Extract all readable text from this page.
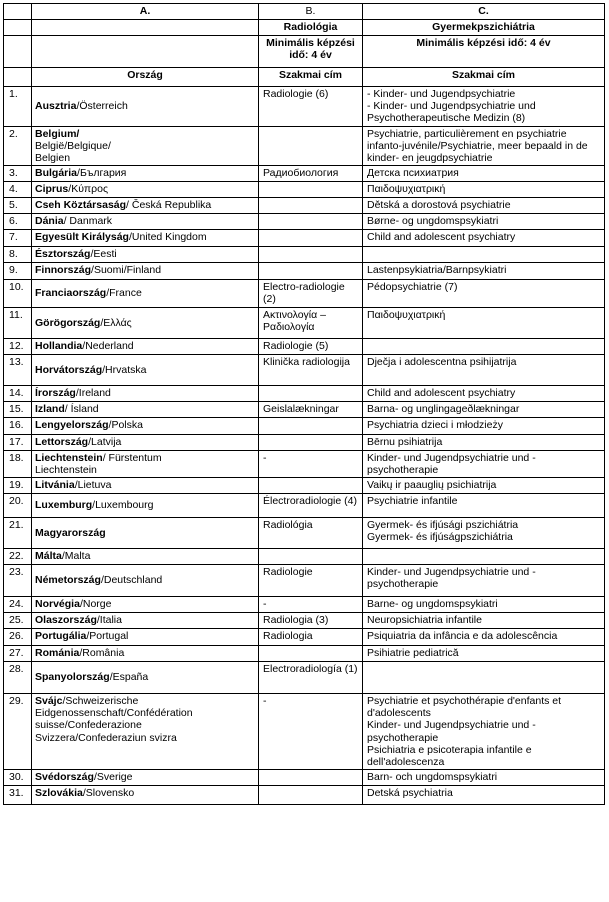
	A.	B.	C.
		Radiológia	Gyermekpszichiátria
		Minimális képzési idő: 4 év	Minimális képzési idő: 4 év
	Ország	Szakmai cím	Szakmai cím
1.	Ausztria/Österreich	Radiologie (6)	- Kinder- und Jugendpsychiatrie
- Kinder- und Jugendpsychiatrie und Psychotherapeutische Medizin (8)
2.	Belgium/
België/Belgique/
Belgien		Psychiatrie, particulièrement en psychiatrie infanto-juvénile/Psychiatrie, meer bepaald in de kinder- en jeugdpsychiatrie
3.	Bulgária/България	Радиобиология	Детска психиатрия
4.	Ciprus/Κύπρος		Παιδοψυχιατρική
5.	Cseh Köztársaság/ Česká Republika		Dětská a dorostová psychiatrie
6.	Dánia/ Danmark		Børne- og ungdomspsykiatri
7.	Egyesült Királyság/United Kingdom		Child and adolescent psychiatry
8.	Észtország/Eesti		
9.	Finnország/Suomi/Finland		Lastenpsykiatria/Barnpsykiatri
10.	Franciaország/France	Electro-radiologie (2)	Pédopsychiatrie (7)
11.	Görögország/Ελλάς	Ακτινολογία – Ραδιολογία	Παιδοψυχιατρική
12.	Hollandia/Nederland	Radiologie (5)	
13.	Horvátország/Hrvatska	Klinička radiologija	Dječja i adolescentna psihijatrija
14.	Írország/Ireland		Child and adolescent psychiatry
15.	Izland/ Ísland	Geislalækningar	Barna- og unglingageðlækningar
16.	Lengyelország/Polska		Psychiatria dzieci i młodzieży
17.	Lettország/Latvija		Bērnu psihiatrija
18.	Liechtenstein/ Fürstentum
Liechtenstein	-	Kinder- und Jugendpsychiatrie und -psychotherapie
19.	Litvánia/Lietuva		Vaikų ir paauglių psichiatrija
20.	Luxemburg/Luxembourg	Électroradiologie (4)	Psychiatrie infantile
21.	Magyarország	Radiológia	Gyermek- és ifjúsági pszichiátria
Gyermek- és ifjúságpszichiátria
22.	Málta/Malta		
23.	Németország/Deutschland	Radiologie	Kinder- und Jugendpsychiatrie und -psychotherapie
24.	Norvégia/Norge	-	Barne- og ungdomspsykiatri
25.	Olaszország/Italia	Radiologia (3)	Neuropsichiatria infantile
26.	Portugália/Portugal	Radiologia	Psiquiatria da infância e da adolescência
27.	Románia/România		Psihiatrie pediatrică
28.	Spanyolország/España	Electroradiología (1)	
29.	Svájc/Schweizerische Eidgenossenschaft/Confédération suisse/Confederazione Svizzera/Confederaziun svizra	-	Psychiatrie et psychothérapie d'enfants et d'adolescents
Kinder- und Jugendpsychiatrie und -psychotherapie
Psichiatria e psicoterapia infantile e dell'adolescenza
30.	Svédország/Sverige		Barn- och ungdomspsykiatri
31.	Szlovákia/Slovensko		Detská psychiatria
